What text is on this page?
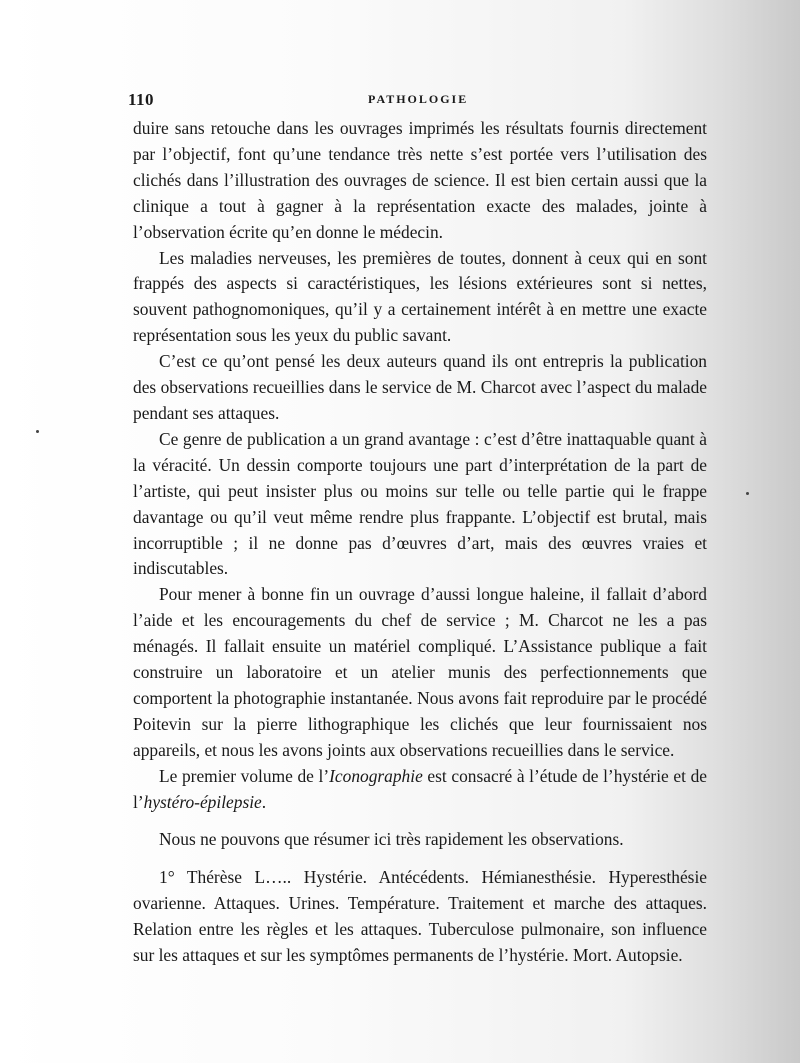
110	PATHOLOGIE

duire sans retouche dans les ouvrages imprimés les résultats fournis directement par l’objectif, font qu’une tendance très nette s’est portée vers l’utilisation des clichés dans l’illustration des ouvrages de science. Il est bien certain aussi que la clinique a tout à gagner à la représentation exacte des malades, jointe à l’observation écrite qu’en donne le médecin.

Les maladies nerveuses, les premières de toutes, donnent à ceux qui en sont frappés des aspects si caractéristiques, les lésions extérieures sont si nettes, souvent pathognomoniques, qu’il y a certainement intérêt à en mettre une exacte représentation sous les yeux du public savant.

C’est ce qu’ont pensé les deux auteurs quand ils ont entrepris la publication des observations recueillies dans le service de M. Charcot avec l’aspect du malade pendant ses attaques.

Ce genre de publication a un grand avantage : c’est d’être inattaquable quant à la véracité. Un dessin comporte toujours une part d’interprétation de la part de l’artiste, qui peut insister plus ou moins sur telle ou telle partie qui le frappe davantage ou qu’il veut même rendre plus frappante. L’objectif est brutal, mais incorruptible ; il ne donne pas d’œuvres d’art, mais des œuvres vraies et indiscutables.

Pour mener à bonne fin un ouvrage d’aussi longue haleine, il fallait d’abord l’aide et les encouragements du chef de service ; M. Charcot ne les a pas ménagés. Il fallait ensuite un matériel compliqué. L’Assistance publique a fait construire un laboratoire et un atelier munis des perfectionnements que comportent la photographie instantanée. Nous avons fait reproduire par le procédé Poitevin sur la pierre lithographique les clichés que leur fournissaient nos appareils, et nous les avons joints aux observations recueillies dans le service.

Le premier volume de l’Iconographie est consacré à l’étude de l’hystérie et de l’hystéro-épilepsie.

Nous ne pouvons que résumer ici très rapidement les observations.

1° Thérèse L….. Hystérie. Antécédents. Hémianesthésie. Hyperesthésie ovarienne. Attaques. Urines. Température. Traitement et marche des attaques. Relation entre les règles et les attaques. Tuberculose pulmonaire, son influence sur les attaques et sur les symptômes permanents de l’hystérie. Mort. Autopsie.
